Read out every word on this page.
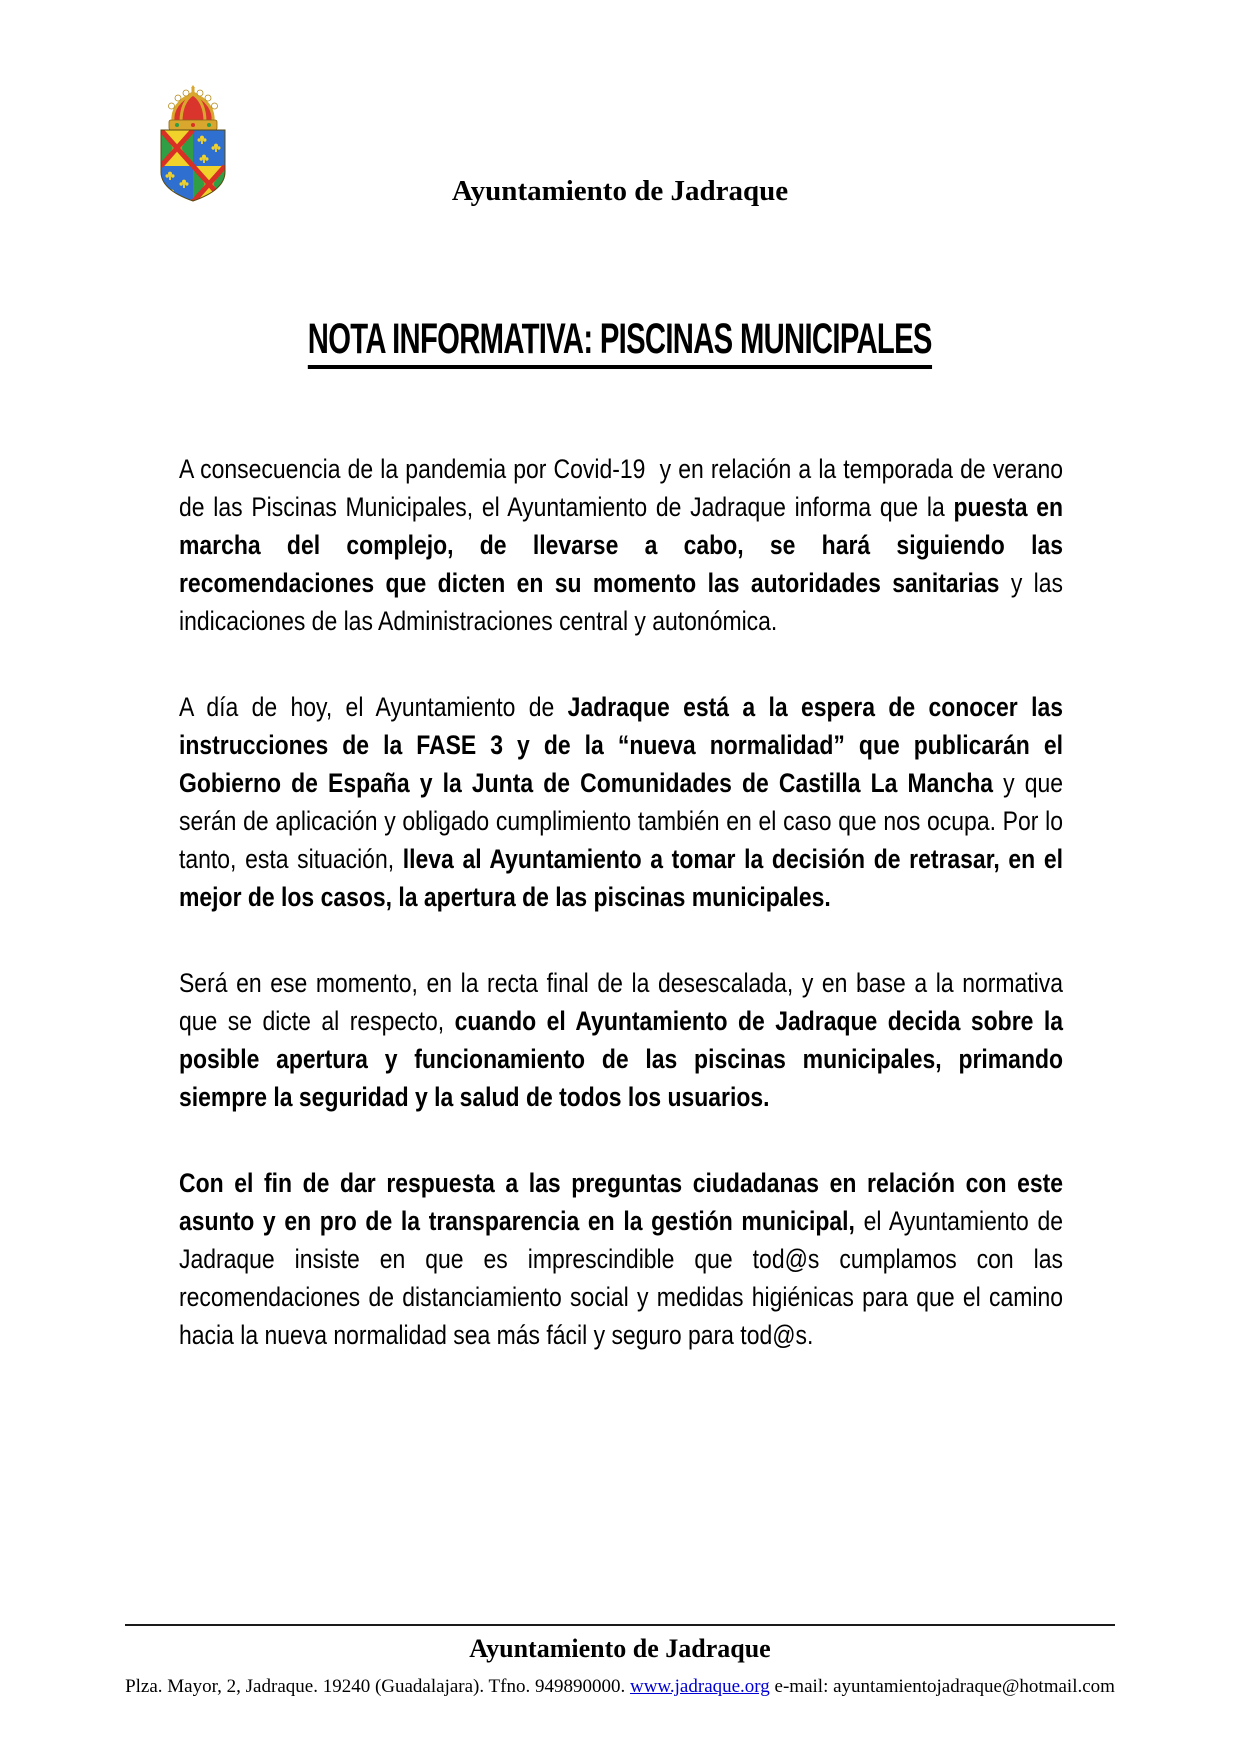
Ayuntamiento de Jadraque
NOTA INFORMATIVA: PISCINAS MUNICIPALES
A consecuencia de la pandemia por Covid-19  y en relación a la temporada de verano de las Piscinas Municipales, el Ayuntamiento de Jadraque informa que la puesta en marcha del complejo, de llevarse a cabo, se hará siguiendo las recomendaciones que dicten en su momento las autoridades sanitarias y las indicaciones de las Administraciones central y autonómica.
A día de hoy, el Ayuntamiento de Jadraque está a la espera de conocer las instrucciones de la FASE 3 y de la “nueva normalidad” que publicarán el Gobierno de España y la Junta de Comunidades de Castilla La Mancha y que serán de aplicación y obligado cumplimiento también en el caso que nos ocupa. Por lo tanto, esta situación, lleva al Ayuntamiento a tomar la decisión de retrasar, en el mejor de los casos, la apertura de las piscinas municipales.
Será en ese momento, en la recta final de la desescalada, y en base a la normativa que se dicte al respecto, cuando el Ayuntamiento de Jadraque decida sobre la posible apertura y funcionamiento de las piscinas municipales, primando siempre la seguridad y la salud de todos los usuarios.
Con el fin de dar respuesta a las preguntas ciudadanas en relación con este asunto y en pro de la transparencia en la gestión municipal, el Ayuntamiento de Jadraque insiste en que es imprescindible que tod@s cumplamos con las recomendaciones de distanciamiento social y medidas higiénicas para que el camino hacia la nueva normalidad sea más fácil y seguro para tod@s.
Ayuntamiento de Jadraque
Plza. Mayor, 2, Jadraque. 19240 (Guadalajara). Tfno. 949890000. www.jadraque.org e-mail: ayuntamientojadraque@hotmail.com
